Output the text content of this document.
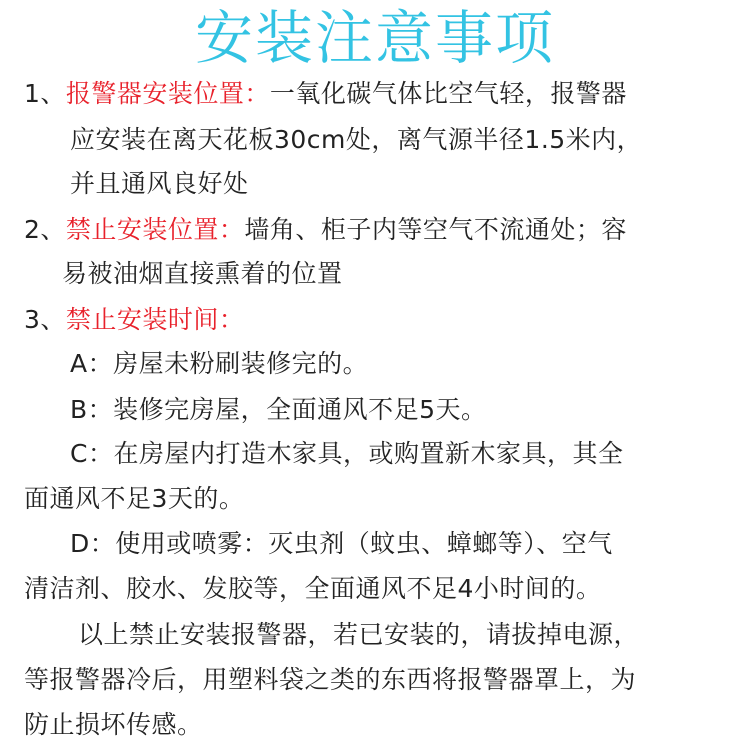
安装注意事项
1、报警器安装位置：一氧化碳气体比空气轻，报警器
应安装在离天花板30cm处，离气源半径1.5米内，
并且通风良好处
2、禁止安装位置：墙角、柜子内等空气不流通处；容
易被油烟直接熏着的位置
3、禁止安装时间：
A：房屋未粉刷装修完的。
B：装修完房屋，全面通风不足5天。
C：在房屋内打造木家具，或购置新木家具，其全
面通风不足3天的。
D：使用或喷雾：灭虫剂（蚊虫、蟑螂等）、空气
清洁剂、胶水、发胶等，全面通风不足4小时间的。
以上禁止安装报警器，若已安装的，请拔掉电源，
等报警器冷后，用塑料袋之类的东西将报警器罩上，为
防止损坏传感。
